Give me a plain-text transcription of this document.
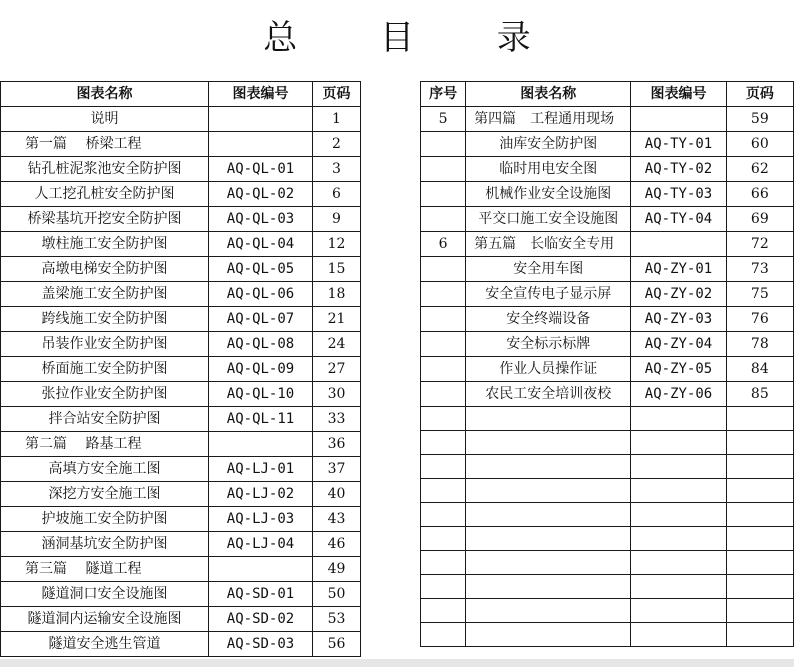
总 目 录
图表名称	图表编号	页码
说明		1
第一篇　 桥梁工程		2
钻孔桩泥浆池安全防护图	AQ-QL-01	3
人工挖孔桩安全防护图	AQ-QL-02	6
桥梁基坑开挖安全防护图	AQ-QL-03	9
墩柱施工安全防护图	AQ-QL-04	12
高墩电梯安全防护图	AQ-QL-05	15
盖梁施工安全防护图	AQ-QL-06	18
跨线施工安全防护图	AQ-QL-07	21
吊装作业安全防护图	AQ-QL-08	24
桥面施工安全防护图	AQ-QL-09	27
张拉作业安全防护图	AQ-QL-10	30
拌合站安全防护图	AQ-QL-11	33
第二篇　 路基工程		36
高填方安全施工图	AQ-LJ-01	37
深挖方安全施工图	AQ-LJ-02	40
护坡施工安全防护图	AQ-LJ-03	43
涵洞基坑安全防护图	AQ-LJ-04	46
第三篇　 隧道工程		49
隧道洞口安全设施图	AQ-SD-01	50
隧道洞内运输安全设施图	AQ-SD-02	53
隧道安全逃生管道	AQ-SD-03	56
序号	图表名称	图表编号	页码
5	第四篇　工程通用现场		59
	油库安全防护图	AQ-TY-01	60
	临时用电安全图	AQ-TY-02	62
	机械作业安全设施图	AQ-TY-03	66
	平交口施工安全设施图	AQ-TY-04	69
6	第五篇　长临安全专用		72
	安全用车图	AQ-ZY-01	73
	安全宣传电子显示屏	AQ-ZY-02	75
	安全终端设备	AQ-ZY-03	76
	安全标示标牌	AQ-ZY-04	78
	作业人员操作证	AQ-ZY-05	84
	农民工安全培训夜校	AQ-ZY-06	85
